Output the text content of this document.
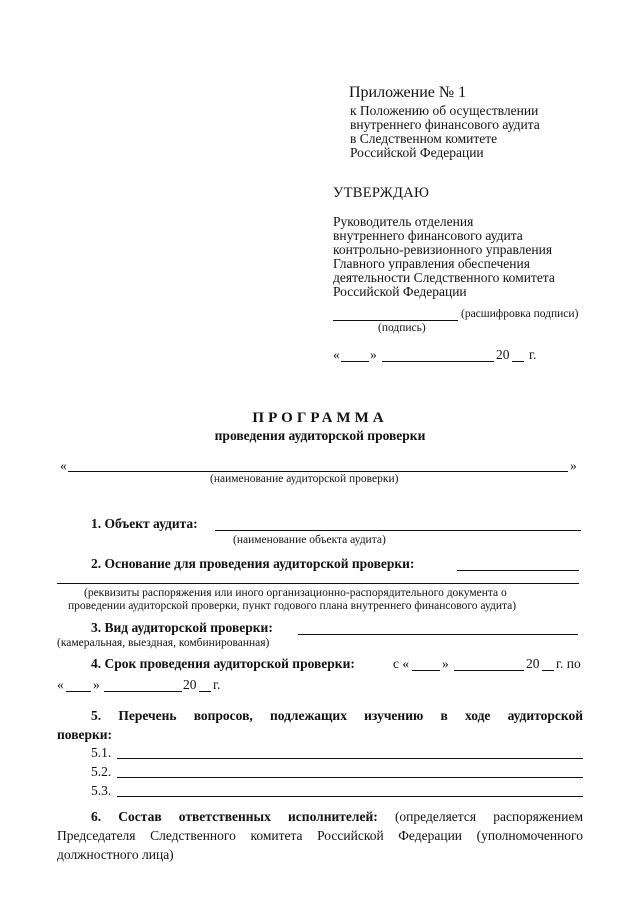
Приложение № 1
к Положению об осуществлении
внутреннего финансового аудита
в Следственном комитете
Российской Федерации
УТВЕРЖДАЮ
Руководитель отделения
внутреннего финансового аудита
контрольно-ревизионного управления
Главного управления обеспечения
деятельности Следственного комитета
Российской Федерации
(расшифровка подписи)
(подпись)
« »	20 г.
ПРОГРАММА
проведения аудиторской проверки
«	»
(наименование аудиторской проверки)
1. Объект аудита:
(наименование объекта аудита)
2. Основание для проведения аудиторской проверки:
(реквизиты распоряжения или иного организационно-распорядительного документа о
проведении аудиторской проверки, пункт годового плана внутреннего финансового аудита)
3. Вид аудиторской проверки:
(камеральная, выездная, комбинированная)
4. Срок проведения аудиторской проверки:	с « »	20 г. по
« »	20 г.
5. Перечень вопросов, подлежащих изучению в ходе аудиторской
поверки:
5.1.
5.2.
5.3.
6. Состав ответственных исполнителей: (определяется распоряжением Председателя Следственного комитета Российской Федерации (уполномоченного должностного лица)
